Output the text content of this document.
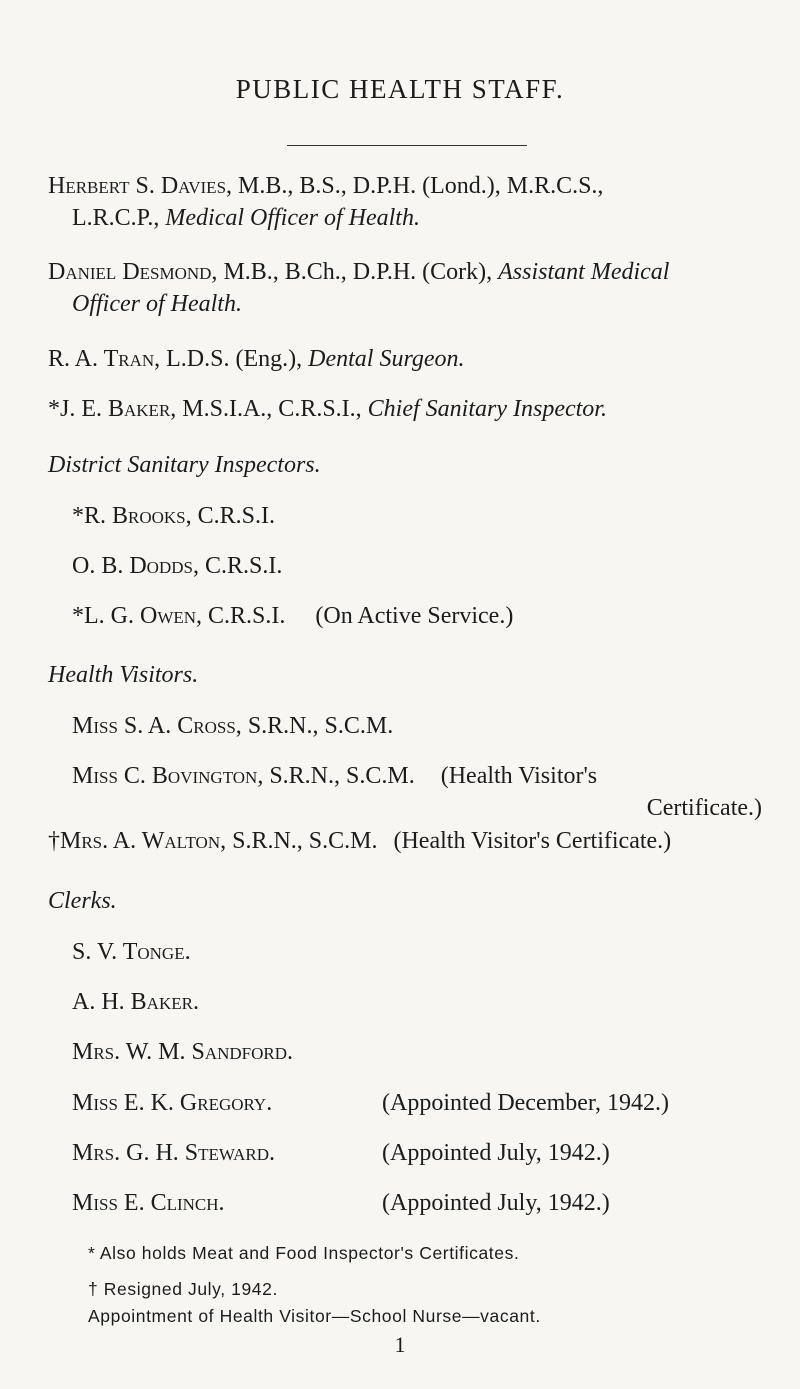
PUBLIC HEALTH STAFF.
Herbert S. Davies, M.B., B.S., D.P.H. (Lond.), M.R.C.S.,
L.R.C.P., Medical Officer of Health.
Daniel Desmond, M.B., B.Ch., D.P.H. (Cork), Assistant Medical
Officer of Health.
R. A. Tran, L.D.S. (Eng.), Dental Surgeon.
*J. E. Baker, M.S.I.A., C.R.S.I., Chief Sanitary Inspector.
District Sanitary Inspectors.
*R. Brooks, C.R.S.I.
O. B. Dodds, C.R.S.I.
*L. G. Owen, C.R.S.I. (On Active Service.)
Health Visitors.
Miss S. A. Cross, S.R.N., S.C.M.
Miss C. Bovington, S.R.N., S.C.M. (Health Visitor's
Certificate.)
†Mrs. A. Walton, S.R.N., S.C.M. (Health Visitor's Certificate.)
Clerks.
S. V. Tonge.
A. H. Baker.
Mrs. W. M. Sandford.
Miss E. K. Gregory.	(Appointed December, 1942.)
Mrs. G. H. Steward.	(Appointed July, 1942.)
Miss E. Clinch.	(Appointed July, 1942.)
* Also holds Meat and Food Inspector's Certificates.
† Resigned July, 1942.
Appointment of Health Visitor—School Nurse—vacant.
1
